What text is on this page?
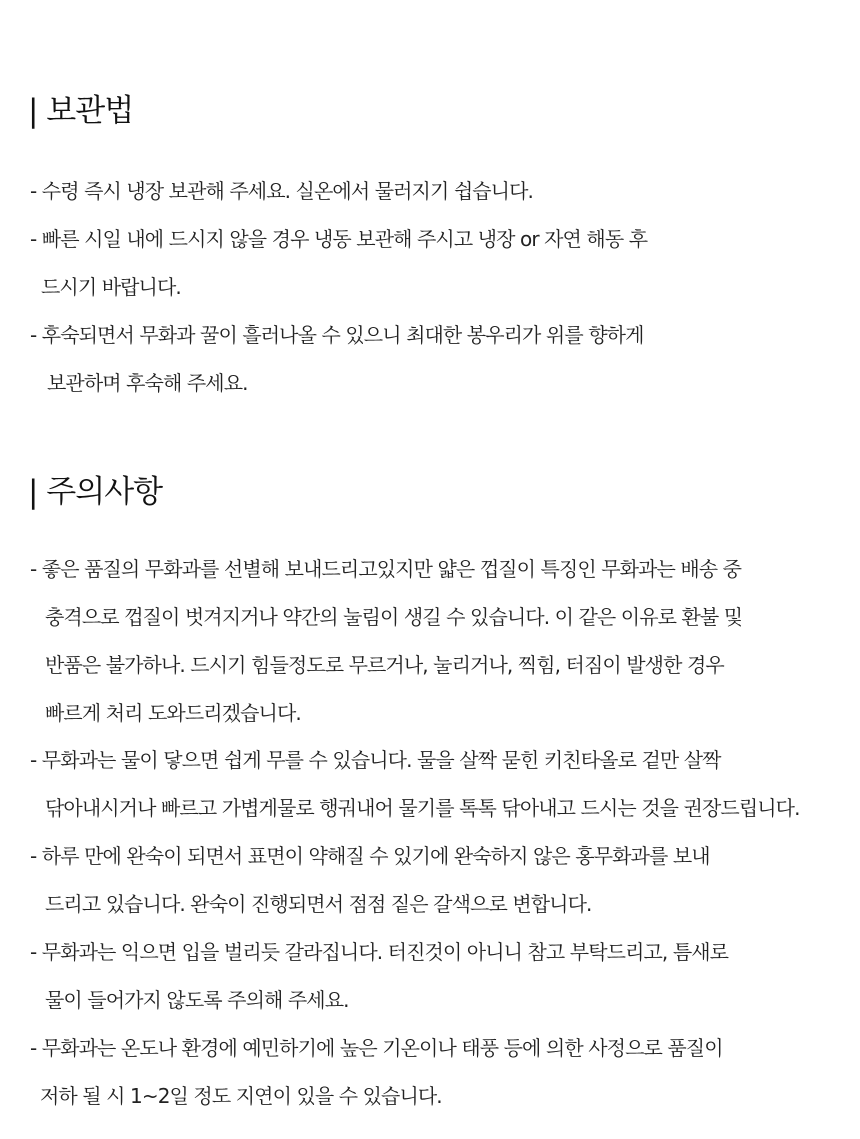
| 보관법
- 수령 즉시 냉장 보관해 주세요. 실온에서 물러지기 쉽습니다.
- 빠른 시일 내에 드시지 않을 경우 냉동 보관해 주시고 냉장 or 자연 해동 후
드시기 바랍니다.
- 후숙되면서 무화과 꿀이 흘러나올 수 있으니 최대한 봉우리가 위를 향하게
보관하며 후숙해 주세요.
| 주의사항
- 좋은 품질의 무화과를 선별해 보내드리고있지만 얇은 껍질이 특징인 무화과는 배송 중
충격으로 껍질이 벗겨지거나 약간의 눌림이 생길 수 있습니다. 이 같은 이유로 환불 및
반품은 불가하나. 드시기 힘들정도로 무르거나, 눌리거나, 찍힘, 터짐이 발생한 경우
빠르게 처리 도와드리겠습니다.
- 무화과는 물이 닿으면 쉽게 무를 수 있습니다. 물을 살짝 묻힌 키친타올로 겉만 살짝
닦아내시거나 빠르고 가볍게물로 행궈내어 물기를 톡톡 닦아내고 드시는 것을 권장드립니다.
- 하루 만에 완숙이 되면서 표면이 약해질 수 있기에 완숙하지 않은 홍무화과를 보내
드리고 있습니다. 완숙이 진행되면서 점점 짙은 갈색으로 변합니다.
- 무화과는 익으면 입을 벌리듯 갈라집니다. 터진것이 아니니 참고 부탁드리고, 틈새로
물이 들어가지 않도록 주의해 주세요.
- 무화과는 온도나 환경에 예민하기에 높은 기온이나 태풍 등에 의한 사정으로 품질이
저하 될 시 1~2일 정도 지연이 있을 수 있습니다.
